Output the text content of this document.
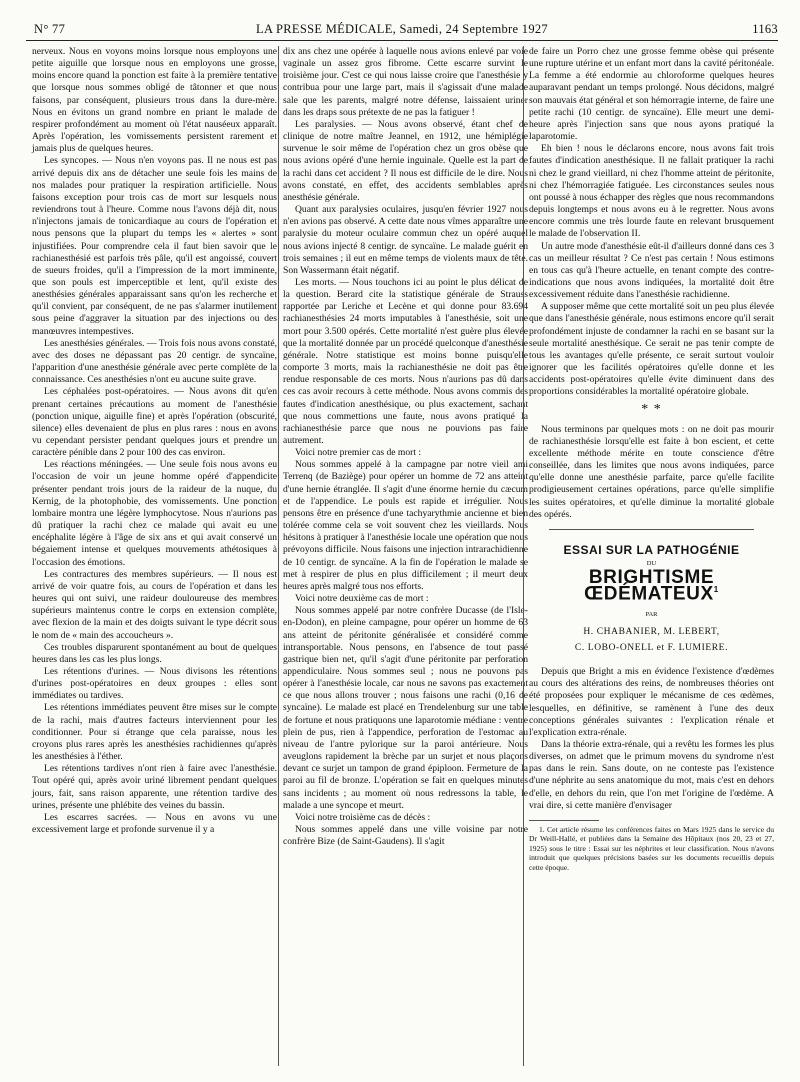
N° 77	LA PRESSE MÉDICALE, Samedi, 24 Septembre 1927	1163

nerveux. Nous en voyons moins lorsque nous employons une petite aiguille que lorsque nous en employons une grosse, moins encore quand la ponction est faite à la première tentative que lorsque nous sommes obligé de tâtonner et que nous faisons, par conséquent, plusieurs trous dans la dure-mère. Nous en évitons un grand nombre en priant le malade de respirer profondément au moment où l'état nauséeux apparaît. Après l'opération, les vomissements persistent rarement et jamais plus de quelques heures.

Les syncopes. — Nous n'en voyons pas. Il ne nous est pas arrivé depuis dix ans de détacher une seule fois les mains de nos malades pour pratiquer la respiration artificielle. Nous faisons exception pour trois cas de mort sur lesquels nous reviendrons tout à l'heure. Comme nous l'avons déjà dit, nous n'injectons jamais de tonicardiaque au cours de l'opération et nous pensons que la plupart du temps les « alertes » sont injustifiées. Pour comprendre cela il faut bien savoir que le rachianesthésié est parfois très pâle, qu'il est angoissé, couvert de sueurs froides, qu'il a l'impression de la mort imminente, que son pouls est imperceptible et lent, qu'il existe des anesthésies générales apparaissant sans qu'on les recherche et qu'il convient, par conséquent, de ne pas s'alarmer inutilement sous peine d'aggraver la situation par des injections ou des manœuvres intempestives.

Les anesthésies générales. — Trois fois nous avons constaté, avec des doses ne dépassant pas 20 centigr. de syncaïne, l'apparition d'une anesthésie générale avec perte complète de la connaissance. Ces anesthésies n'ont eu aucune suite grave.

Les céphalées post-opératoires. — Nous avons dit qu'en prenant certaines précautions au moment de l'anesthésie (ponction unique, aiguille fine) et après l'opération (obscurité, silence) elles devenaient de plus en plus rares : nous en avons vu cependant persister pendant quelques jours et prendre un caractère pénible dans 2 pour 100 des cas environ.

Les réactions méningées. — Une seule fois nous avons eu l'occasion de voir un jeune homme opéré d'appendicite présenter pendant trois jours de la raideur de la nuque, du Kernig, de la photophobie, des vomissements. Une ponction lombaire montra une légère lymphocytose. Nous n'aurions pas dû pratiquer la rachi chez ce malade qui avait eu une encéphalite légère à l'âge de six ans et qui avait conservé un bégaiement intense et quelques mouvements athétosiques à l'occasion des émotions.

Les contractures des membres supérieurs. — Il nous est arrivé de voir quatre fois, au cours de l'opération et dans les heures qui ont suivi, une raideur douloureuse des membres supérieurs maintenus contre le corps en extension complète, avec flexion de la main et des doigts suivant le type décrit sous le nom de « main des accoucheurs ».

Ces troubles disparurent spontanément au bout de quelques heures dans les cas les plus longs.

Les rétentions d'urines. — Nous divisons les rétentions d'urines post-opératoires en deux groupes : elles sont immédiates ou tardives.

Les rétentions immédiates peuvent être mises sur le compte de la rachi, mais d'autres facteurs interviennent pour les conditionner. Pour si étrange que cela paraisse, nous les croyons plus rares après les anesthésies rachidiennes qu'après les anesthésies à l'éther.

Les rétentions tardives n'ont rien à faire avec l'anesthésie. Tout opéré qui, après avoir uriné librement pendant quelques jours, fait, sans raison apparente, une rétention tardive des urines, présente une phlébite des veines du bassin.

Les escarres sacrées. — Nous en avons vu une excessivement large et profonde survenue il y a

dix ans chez une opérée à laquelle nous avions enlevé par voie vaginale un assez gros fibrome. Cette escarre survint le troisième jour. C'est ce qui nous laisse croire que l'anesthésie y contribua pour une large part, mais il s'agissait d'une malade sale que les parents, malgré notre défense, laissaient uriner dans les draps sous prétexte de ne pas la fatiguer !

Les paralysies. — Nous avons observé, étant chef de clinique de notre maître Jeannel, en 1912, une hémiplégie survenue le soir même de l'opération chez un gros obèse que nous avions opéré d'une hernie inguinale. Quelle est la part de la rachi dans cet accident ? Il nous est difficile de le dire. Nous avons constaté, en effet, des accidents semblables après anesthésie générale.

Quant aux paralysies oculaires, jusqu'en février 1927 nous n'en avions pas observé. A cette date nous vîmes apparaître une paralysie du moteur oculaire commun chez un opéré auquel nous avions injecté 8 centigr. de syncaïne. Le malade guérit en trois semaines ; il eut en même temps de violents maux de tête. Son Wassermann était négatif.

Les morts. — Nous touchons ici au point le plus délicat de la question. Berard cite la statistique générale de Strauss rapportée par Leriche et Lecène et qui donne pour 83.694 rachianesthésies 24 morts imputables à l'anesthésie, soit une mort pour 3.500 opérés. Cette mortalité n'est guère plus élevée que la mortalité donnée par un procédé quelconque d'anesthésie générale. Notre statistique est moins bonne puisqu'elle comporte 3 morts, mais la rachianesthésie ne doit pas être rendue responsable de ces morts. Nous n'aurions pas dû dans ces cas avoir recours à cette méthode. Nous avons commis des fautes d'indication anesthésique, ou plus exactement, sachant que nous commettions une faute, nous avons pratiqué la rachianesthésie parce que nous ne pouvions pas faire autrement.

Voici notre premier cas de mort :

Nous sommes appelé à la campagne par notre vieil ami Terrenq (de Baziège) pour opérer un homme de 72 ans atteint d'une hernie étranglée. Il s'agit d'une énorme hernie du cæcum et de l'appendice. Le pouls est rapide et irrégulier. Nous pensons être en présence d'une tachyarythmie ancienne et bien tolérée comme cela se voit souvent chez les vieillards. Nous hésitons à pratiquer à l'anesthésie locale une opération que nous prévoyons difficile. Nous faisons une injection intrarachidienne de 10 centigr. de syncaïne. A la fin de l'opération le malade se met à respirer de plus en plus difficilement ; il meurt deux heures après malgré tous nos efforts.

Voici notre deuxième cas de mort :

Nous sommes appelé par notre confrère Ducasse (de l'Isle-en-Dodon), en pleine campagne, pour opérer un homme de 63 ans atteint de péritonite généralisée et considéré comme intransportable. Nous pensons, en l'absence de tout passé gastrique bien net, qu'il s'agit d'une péritonite par perforation appendiculaire. Nous sommes seul ; nous ne pouvons pas opérer à l'anesthésie locale, car nous ne savons pas exactement ce que nous allons trouver ; nous faisons une rachi (0,16 de syncaïne). Le malade est placé en Trendelenburg sur une table de fortune et nous pratiquons une laparotomie médiane : ventre plein de pus, rien à l'appendice, perforation de l'estomac au niveau de l'antre pylorique sur la paroi antérieure. Nous aveuglons rapidement la brèche par un surjet et nous plaçons devant ce surjet un tampon de grand épiploon. Fermeture de la paroi au fil de bronze. L'opération se fait en quelques minutes sans incidents ; au moment où nous redressons la table, le malade a une syncope et meurt.

Voici notre troisième cas de décès :

Nous sommes appelé dans une ville voisine par notre confrère Bize (de Saint-Gaudens). Il s'agit

de faire un Porro chez une grosse femme obèse qui présente une rupture utérine et un enfant mort dans la cavité péritonéale. La femme a été endormie au chloroforme quelques heures auparavant pendant un temps prolongé. Nous décidons, malgré son mauvais état général et son hémorragie interne, de faire une petite rachi (10 centigr. de syncaïne). Elle meurt une demi-heure après l'injection sans que nous ayons pratiqué la laparotomie.

Eh bien ! nous le déclarons encore, nous avons fait trois fautes d'indication anesthésique. Il ne fallait pratiquer la rachi ni chez le grand vieillard, ni chez l'homme atteint de péritonite, ni chez l'hémorragiée fatiguée. Les circonstances seules nous ont poussé à nous échapper des règles que nous recommandons depuis longtemps et nous avons eu à le regretter. Nous avons encore commis une très lourde faute en relevant brusquement le malade de l'observation II.

Un autre mode d'anesthésie eût-il d'ailleurs donné dans ces 3 cas un meilleur résultat ? Ce n'est pas certain ! Nous estimons en tous cas qu'à l'heure actuelle, en tenant compte des contre-indications que nous avons indiquées, la mortalité doit être excessivement réduite dans l'anesthésie rachidienne.

A supposer même que cette mortalité soit un peu plus élevée que dans l'anesthésie générale, nous estimons encore qu'il serait profondément injuste de condamner la rachi en se basant sur la seule mortalité anesthésique. Ce serait ne pas tenir compte de tous les avantages qu'elle présente, ce serait surtout vouloir ignorer que les facilités opératoires qu'elle donne et les accidents post-opératoires qu'elle évite diminuent dans des proportions considérables la mortalité opératoire globale.

* *

Nous terminons par quelques mots : on ne doit pas mourir de rachianesthésie lorsqu'elle est faite à bon escient, et cette excellente méthode mérite en toute conscience d'être conseillée, dans les limites que nous avons indiquées, parce qu'elle donne une anesthésie parfaite, parce qu'elle facilite prodigieusement certaines opérations, parce qu'elle simplifie les suites opératoires, et qu'elle diminue la mortalité globale des opérés.

ESSAI SUR LA PATHOGÉNIE
DU
BRIGHTISME ŒDÉMATEUX$^1$
PAR
H. CHABANIER, M. LEBERT,
C. LOBO-ONELL et F. LUMIERE.

Depuis que Bright a mis en évidence l'existence d'œdèmes au cours des altérations des reins, de nombreuses théories ont été proposées pour expliquer le mécanisme de ces œdèmes, lesquelles, en définitive, se ramènent à l'une des deux conceptions générales suivantes : l'explication rénale et l'explication extra-rénale.

Dans la théorie extra-rénale, qui a revêtu les formes les plus diverses, on admet que le primum movens du syndrome n'est pas dans le rein. Sans doute, on ne conteste pas l'existence d'une néphrite au sens anatomique du mot, mais c'est en dehors d'elle, en dehors du rein, que l'on met l'origine de l'œdème. A vrai dire, si cette manière d'envisager

1. Cet article résume les conférences faites en Mars 1925 dans le service du Dr Weill-Hallé, et publiées dans la Semaine des Hôpitaux (nos 20, 23 et 27, 1925) sous le titre : Essai sur les néphrites et leur classification. Nous n'avons introduit que quelques précisions basées sur les documents recueillis depuis cette époque.
